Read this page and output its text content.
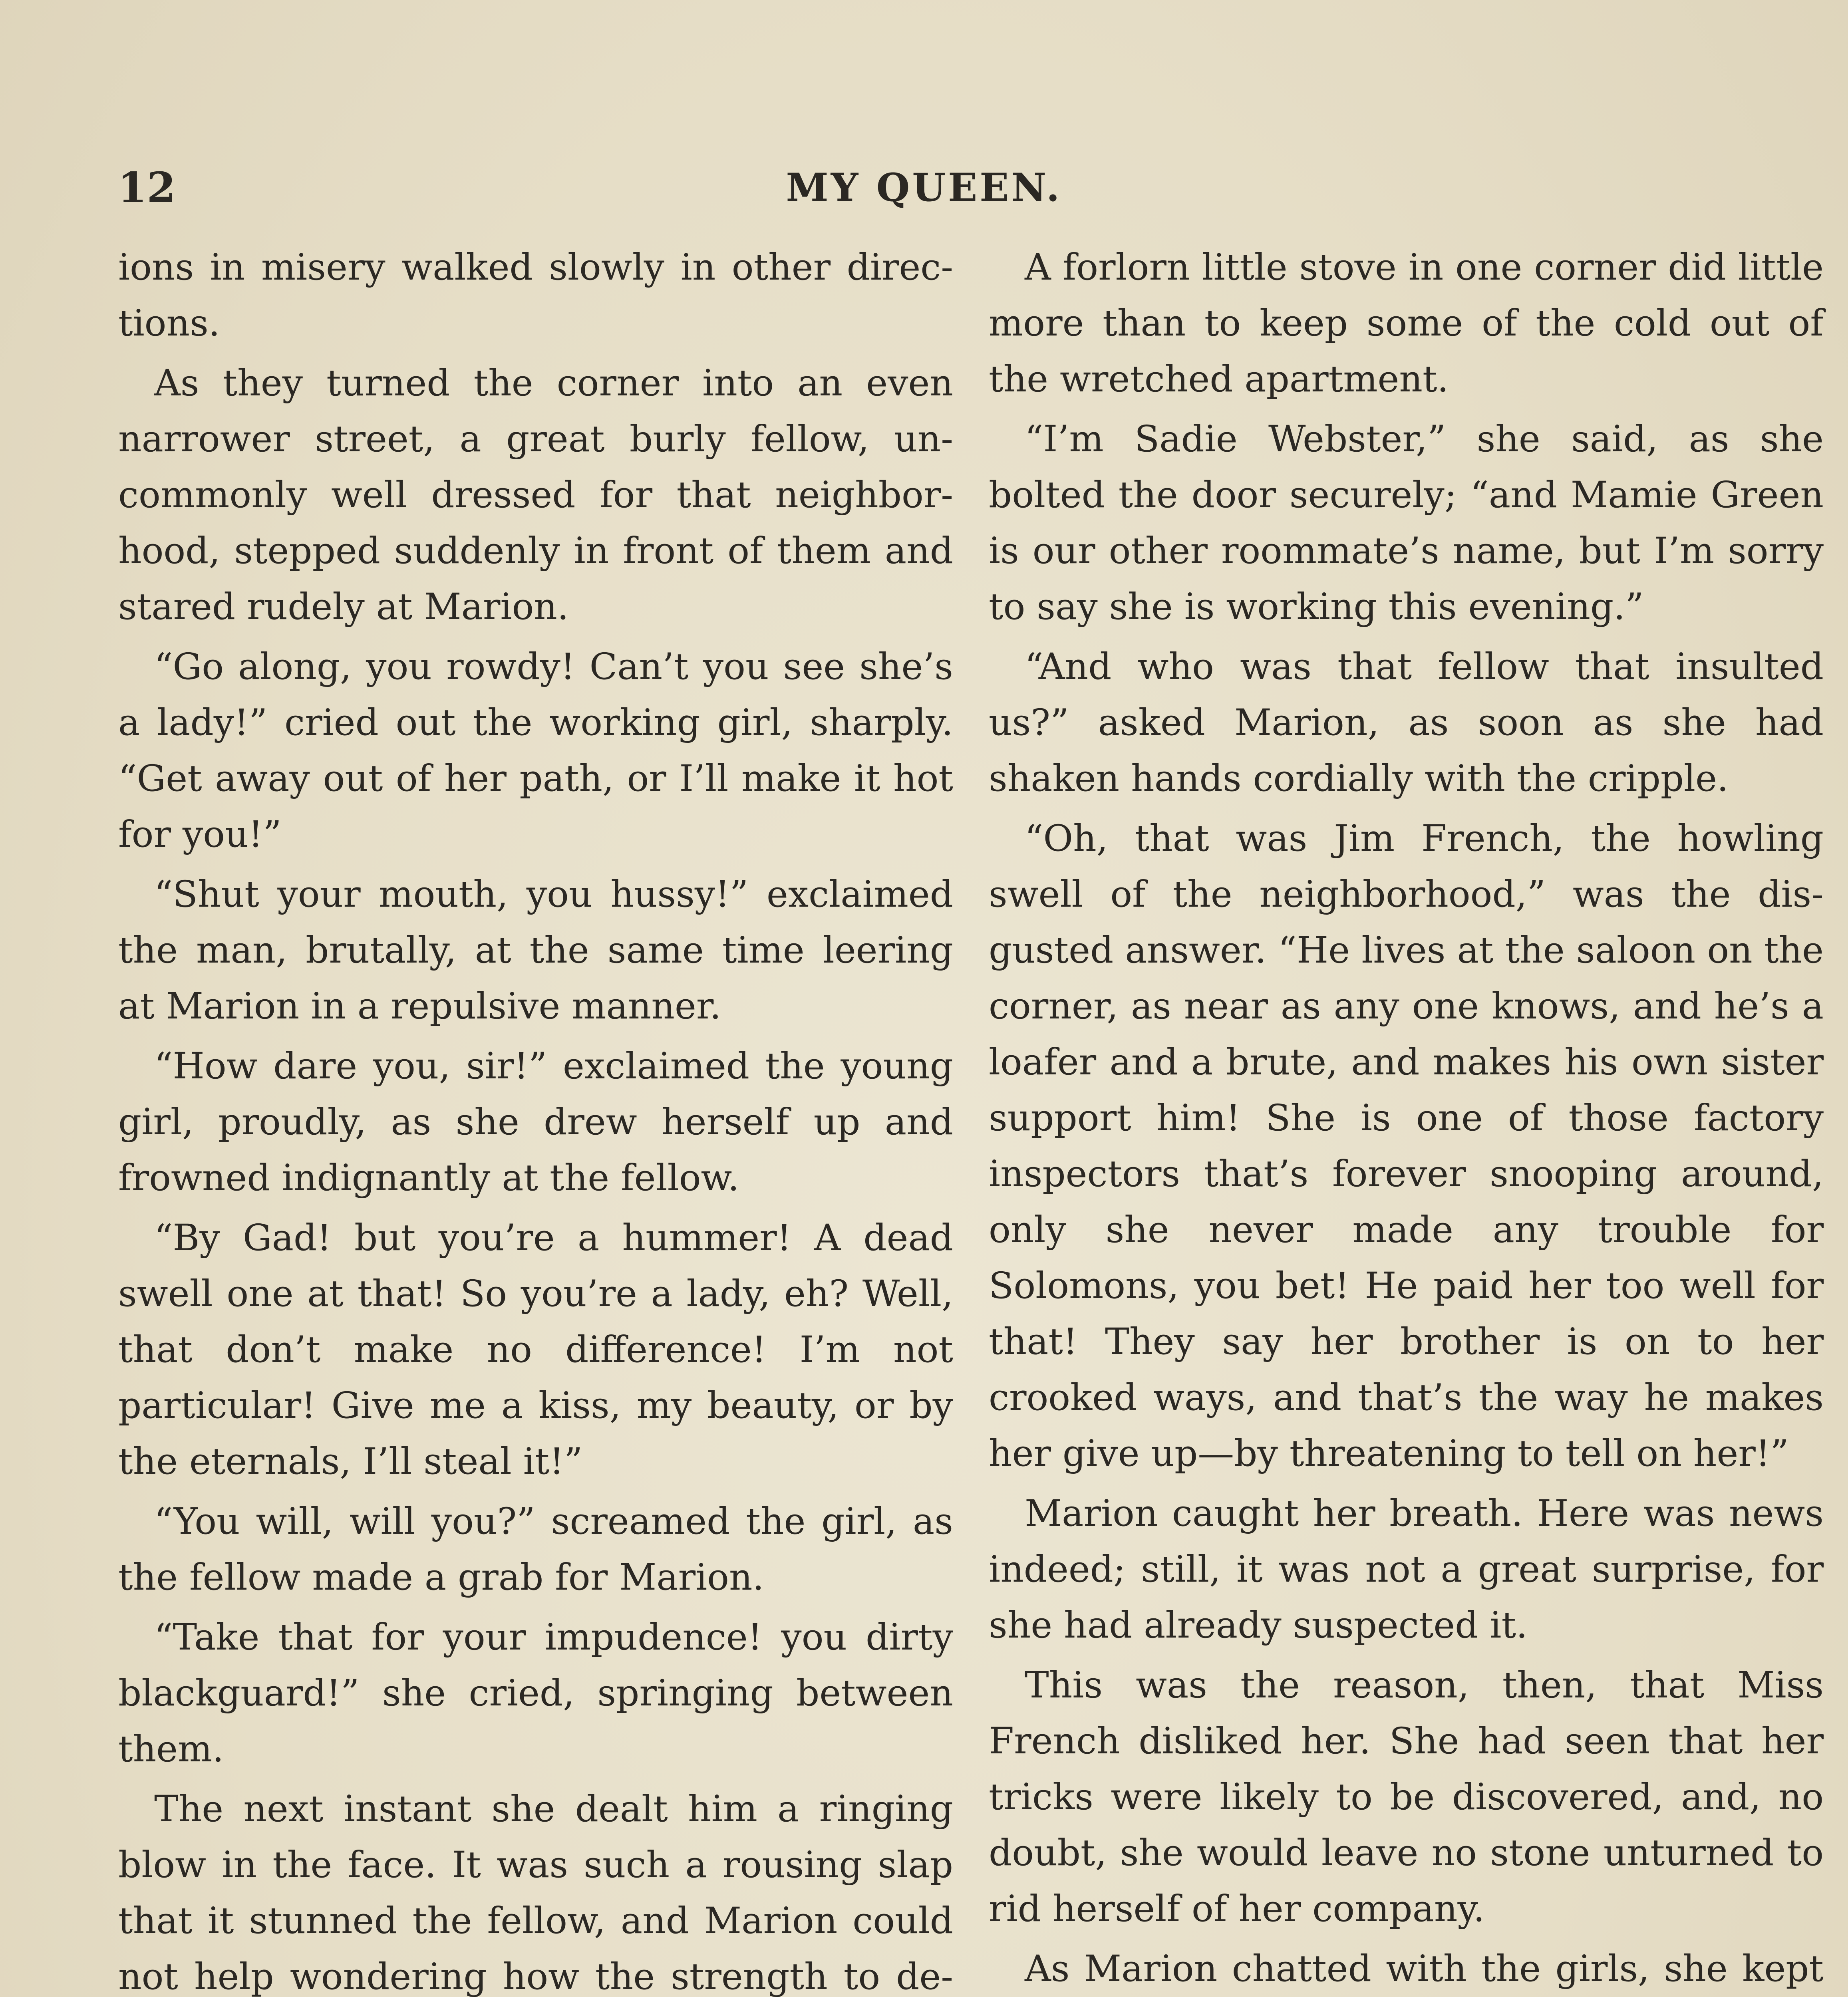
12	MY QUEEN.

ions in misery walked slowly in other directions.

As they turned the corner into an even narrower street, a great burly fellow, uncommonly well dressed for that neighborhood, stepped suddenly in front of them and stared rudely at Marion.

“Go along, you rowdy! Can’t you see she’s a lady!” cried out the working girl, sharply. “Get away out of her path, or I’ll make it hot for you!”

“Shut your mouth, you hussy!” exclaimed the man, brutally, at the same time leering at Marion in a repulsive manner.

“How dare you, sir!” exclaimed the young girl, proudly, as she drew herself up and frowned indignantly at the fellow.

“By Gad! but you’re a hummer! A dead swell one at that! So you’re a lady, eh? Well, that don’t make no difference! I’m not particular! Give me a kiss, my beauty, or by the eternals, I’ll steal it!”

“You will, will you?” screamed the girl, as the fellow made a grab for Marion.

“Take that for your impudence! you dirty blackguard!” she cried, springing between them.

The next instant she dealt him a ringing blow in the face. It was such a rousing slap that it stunned the fellow, and Marion could not help wondering how the strength to de

A forlorn little stove in one corner did little more than to keep some of the cold out of the wretched apartment.

“I’m Sadie Webster,” she said, as she bolted the door securely; “and Mamie Green is our other roommate’s name, but I’m sorry to say she is working this evening.”

“And who was that fellow that insulted us?” asked Marion, as soon as she had shaken hands cordially with the cripple.

“Oh, that was Jim French, the howling swell of the neighborhood,” was the disgusted answer. “He lives at the saloon on the corner, as near as any one knows, and he’s a loafer and a brute, and makes his own sister support him! She is one of those factory inspectors that’s forever snooping around, only she never made any trouble for Solomons, you bet! He paid her too well for that! They say her brother is on to her crooked ways, and that’s the way he makes her give up—by threatening to tell on her!”

Marion caught her breath. Here was news indeed; still, it was not a great surprise, for she had already suspected it.

This was the reason, then, that Miss French disliked her. She had seen that her tricks were likely to be discovered, and, no doubt, she would leave no stone unturned to rid herself of her company.

As Marion chatted with the girls, she kept
